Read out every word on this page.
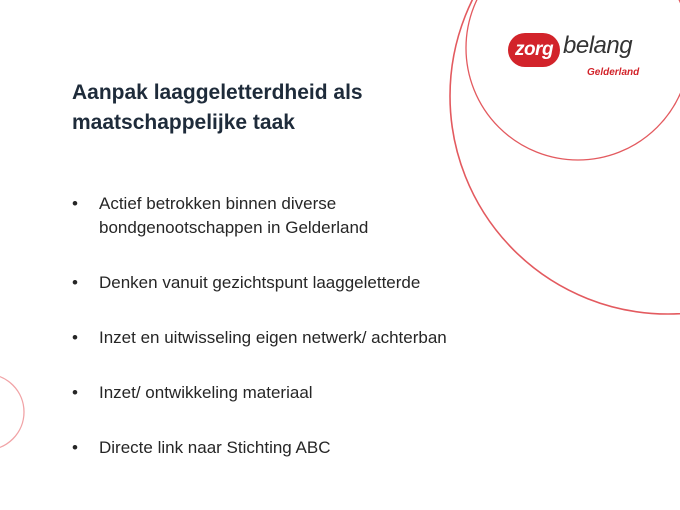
Aanpak laaggeletterdheid als
maatschappelijke taak
•	Actief betrokken binnen diverse
bondgenootschappen in Gelderland
•	Denken vanuit gezichtspunt laaggeletterde
•	Inzet en uitwisseling eigen netwerk/ achterban
•	Inzet/ ontwikkeling materiaal
•	Directe link naar Stichting ABC
zorg belang
Gelderland
